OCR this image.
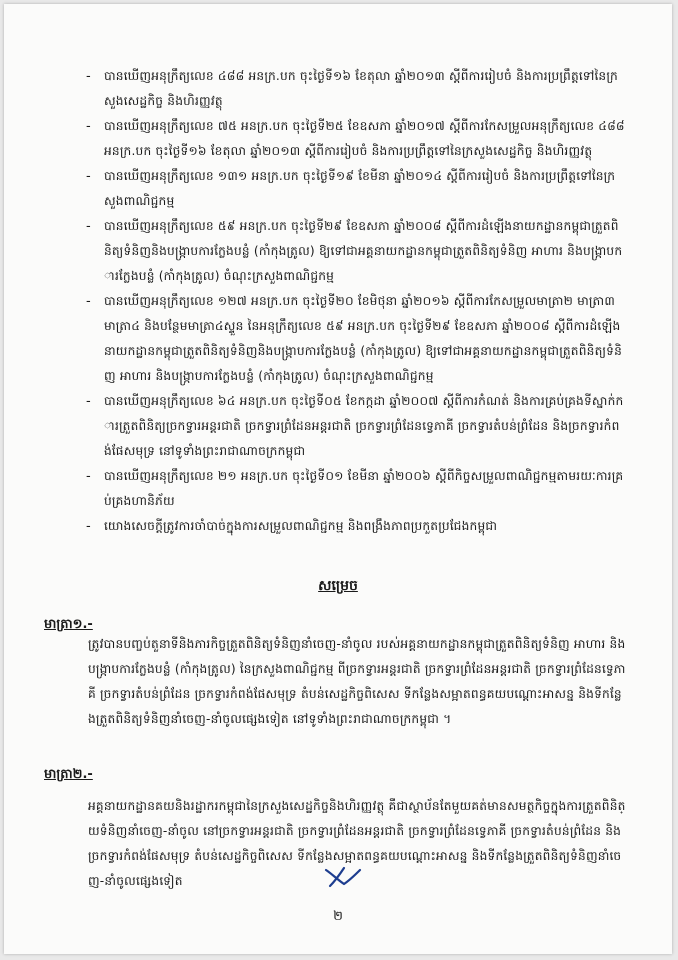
- បានឃើញអនុក្រឹត្យលេខ ៤៨៨ អនក្រ.បក ចុះថ្ងៃទី១៦ ខែតុលា ឆ្នាំ២០១៣ ស្ដីពីការរៀបចំ និងការប្រព្រឹត្តទៅនៃក្រសួងសេដ្ឋកិច្ច និងហិរញ្ញវត្ថុ
- បានឃើញអនុក្រឹត្យលេខ ៧៥ អនក្រ.បក ចុះថ្ងៃទី២៥ ខែឧសភា ឆ្នាំ២០១៧ ស្ដីពីការកែសម្រួលអនុក្រឹត្យលេខ ៤៨៨ អនក្រ.បក ចុះថ្ងៃទី១៦ ខែតុលា ឆ្នាំ២០១៣ ស្ដីពីការរៀបចំ និងការប្រព្រឹត្តទៅនៃក្រសួងសេដ្ឋកិច្ច និងហិរញ្ញវត្ថុ
- បានឃើញអនុក្រឹត្យលេខ ១៣១ អនក្រ.បក ចុះថ្ងៃទី១៩ ខែមីនា ឆ្នាំ២០១៤ ស្ដីពីការរៀបចំ និងការប្រព្រឹត្តទៅនៃក្រសួងពាណិជ្ជកម្ម
- បានឃើញអនុក្រឹត្យលេខ ៥៩ អនក្រ.បក ចុះថ្ងៃទី២៩ ខែឧសភា ឆ្នាំ២០០៨ ស្ដីពីការដំឡើងនាយកដ្ឋានកម្ពុជាត្រួតពិនិត្យទំនិញនិងបង្ក្រាបការក្លែងបន្លំ (កាំកុងត្រូល) ឱ្យទៅជាអគ្គនាយកដ្ឋានកម្ពុជាត្រួតពិនិត្យទំនិញ អាហារ និងបង្ក្រាបការក្លែងបន្លំ (កាំកុងត្រូល) ចំណុះក្រសួងពាណិជ្ជកម្ម
- បានឃើញអនុក្រឹត្យលេខ ១២៧ អនក្រ.បក ចុះថ្ងៃទី២០ ខែមិថុនា ឆ្នាំ២០១៦ ស្ដីពីការកែសម្រួលមាត្រា២ មាត្រា៣ មាត្រា៤ និងបន្ថែមមាត្រា៤ស្ទួន នៃអនុក្រឹត្យលេខ ៥៩ អនក្រ.បក ចុះថ្ងៃទី២៩ ខែឧសភា ឆ្នាំ២០០៨ ស្ដីពីការដំឡើងនាយកដ្ឋានកម្ពុជាត្រួតពិនិត្យទំនិញនិងបង្ក្រាបការក្លែងបន្លំ (កាំកុងត្រូល) ឱ្យទៅជាអគ្គនាយកដ្ឋានកម្ពុជាត្រួតពិនិត្យទំនិញ អាហារ និងបង្ក្រាបការក្លែងបន្លំ (កាំកុងត្រូល) ចំណុះក្រសួងពាណិជ្ជកម្ម
- បានឃើញអនុក្រឹត្យលេខ ៦៤ អនក្រ.បក ចុះថ្ងៃទី០៥ ខែកក្កដា ឆ្នាំ២០០៧ ស្ដីពីការកំណត់ និងការគ្រប់គ្រងទីស្នាក់ការត្រួតពិនិត្យច្រកទ្វារអន្តរជាតិ ច្រកទ្វារព្រំដែនអន្តរជាតិ ច្រកទ្វារព្រំដែនទ្វេភាគី ច្រកទ្វារតំបន់ព្រំដែន និងច្រកទ្វារកំពង់ផែសមុទ្រ នៅទូទាំងព្រះរាជាណាចក្រកម្ពុជា
- បានឃើញអនុក្រឹត្យលេខ ២១ អនក្រ.បក ចុះថ្ងៃទី០១ ខែមីនា ឆ្នាំ២០០៦ ស្ដីពីកិច្ចសម្រួលពាណិជ្ជកម្មតាមរយៈការគ្រប់គ្រងហានិភ័យ
- យោងសេចក្ដីត្រូវការចាំបាច់ក្នុងការសម្រួលពាណិជ្ជកម្ម និងពង្រឹងភាពប្រកួតប្រជែងកម្ពុជា
សម្រេច
មាត្រា១.-
ត្រូវបានបញ្ចប់តួនាទីនិងភារកិច្ចត្រួតពិនិត្យទំនិញនាំចេញ-នាំចូល របស់អគ្គនាយកដ្ឋានកម្ពុជាត្រួតពិនិត្យទំនិញ អាហារ និងបង្ក្រាបការក្លែងបន្លំ (កាំកុងត្រូល) នៃក្រសួងពាណិជ្ជកម្ម ពីច្រកទ្វារអន្តរជាតិ ច្រកទ្វារព្រំដែនអន្តរជាតិ ច្រកទ្វារព្រំដែនទ្វេភាគី ច្រកទ្វារតំបន់ព្រំដែន ច្រកទ្វារកំពង់ផែសមុទ្រ តំបន់សេដ្ឋកិច្ចពិសេស ទីកន្លែងសម្អាតពន្ធគយបណ្ដោះអាសន្ន និងទីកន្លែងត្រួតពិនិត្យទំនិញនាំចេញ-នាំចូលផ្សេងទៀត នៅទូទាំងព្រះរាជាណាចក្រកម្ពុជា ។
មាត្រា២.-
អគ្គនាយកដ្ឋានគយនិងរដ្ឋាករកម្ពុជានៃក្រសួងសេដ្ឋកិច្ចនិងហិរញ្ញវត្ថុ គឺជាស្ថាប័នតែមួយគត់មានសមត្ថកិច្ចក្នុងការត្រួតពិនិត្យទំនិញនាំចេញ-នាំចូល នៅច្រកទ្វារអន្តរជាតិ ច្រកទ្វារព្រំដែនអន្តរជាតិ ច្រកទ្វារព្រំដែនទ្វេភាគី ច្រកទ្វារតំបន់ព្រំដែន និងច្រកទ្វារកំពង់ផែសមុទ្រ តំបន់សេដ្ឋកិច្ចពិសេស ទីកន្លែងសម្អាតពន្ធគយបណ្ដោះអាសន្ន និងទីកន្លែងត្រួតពិនិត្យទំនិញនាំចេញ-នាំចូលផ្សេងទៀត
២
